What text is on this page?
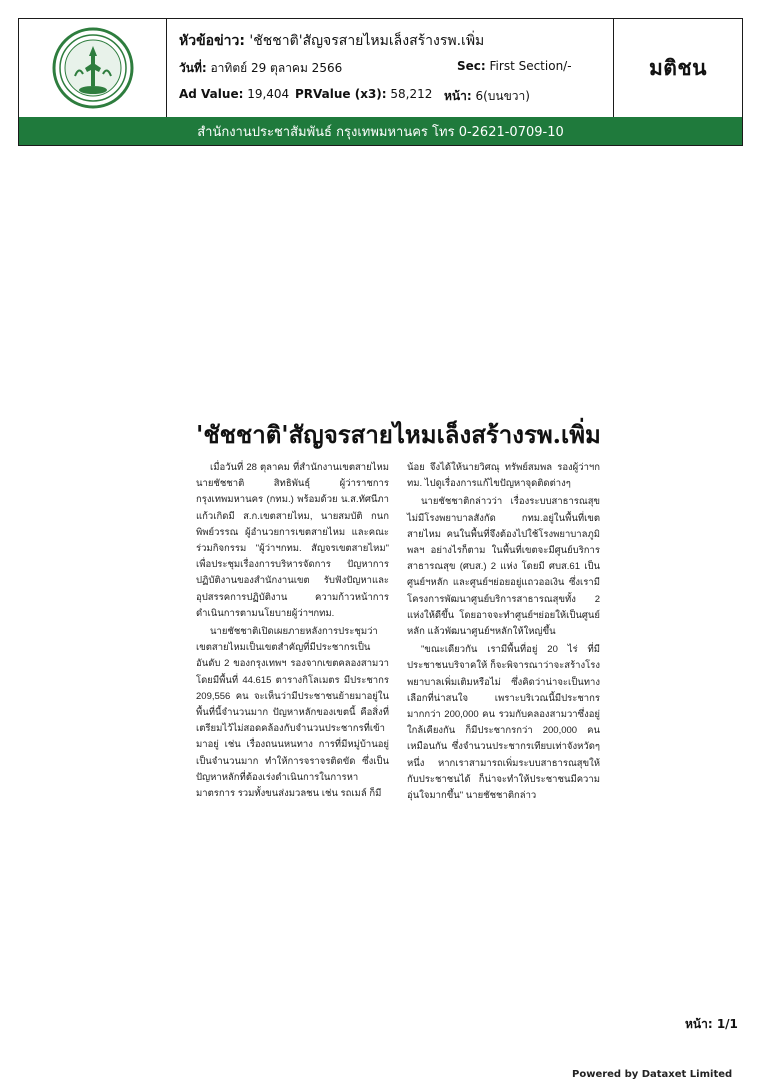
หัวข้อข่าว: 'ชัชชาติ'สัญจรสายไหมเล็งสร้างรพ.เพิ่ม
วันที่: อาทิตย์ 29 ตุลาคม 2566	Sec: First Section/-
Ad Value: 19,404 PRValue (x3): 58,212 หน้า: 6(บนขวา)
มติชน
สำนักงานประชาสัมพันธ์ กรุงเทพมหานคร โทร 0-2621-0709-10
'ชัชชาติ'สัญจรสายไหมเล็งสร้างรพ.เพิ่ม

เมื่อวันที่ 28 ตุลาคม ที่สำนักงานเขตสายไหม นายชัชชาติ สิทธิพันธุ์ ผู้ว่าราชการกรุงเทพมหานคร (กทม.) พร้อมด้วย น.ส.ทัศนีภา แก้วเกิดมี ส.ก.เขตสายไหม, นายสมบัติ กนกพิพย์วรรณ ผู้อำนวยการเขตสายไหม และคณะ ร่วมกิจกรรม "ผู้ว่าฯกทม. สัญจรเขตสายไหม" เพื่อประชุมเรื่องการบริหารจัดการ ปัญหาการปฏิบัติงานของสำนักงานเขต รับฟังปัญหาและอุปสรรคการปฏิบัติงาน ความก้าวหน้าการดำเนินการตามนโยบายผู้ว่าฯกทม.

นายชัชชาติเปิดเผยภายหลังการประชุมว่า เขตสายไหมเป็นเขตสำคัญที่มีประชากรเป็นอันดับ 2 ของกรุงเทพฯ รองจากเขตคลองสามวา โดยมีพื้นที่ 44.615 ตารางกิโลเมตร มีประชากร 209,556 คน จะเห็นว่ามีประชาชนย้ายมาอยู่ในพื้นที่นี้จำนวนมาก ปัญหาหลักของเขตนี้ คือสิ่งที่เตรียมไว้ไม่สอดคล้องกับจำนวนประชากรที่เข้ามาอยู่ เช่น เรื่องถนนหนทาง การที่มีหมู่บ้านอยู่เป็นจำนวนมาก ทำให้การจราจรติดขัด ซึ่งเป็นปัญหาหลักที่ต้องเร่งดำเนินการในการหามาตรการ รวมทั้งขนส่งมวลชน เช่น รถเมล์ ก็มี

น้อย จึงได้ให้นายวิศณุ ทรัพย์สมพล รองผู้ว่าฯกทม. ไปดูเรื่องการแก้ไขปัญหาจุดติดต่างๆ

นายชัชชาติกล่าวว่า เรื่องระบบสาธารณสุขไม่มีโรงพยาบาลสังกัด กทม.อยู่ในพื้นที่เขตสายไหม คนในพื้นที่จึงต้องไปใช้โรงพยาบาลภูมิพลฯ อย่างไรก็ตาม ในพื้นที่เขตจะมีศูนย์บริการสาธารณสุข (ศบส.) 2 แห่ง โดยมี ศบส.61 เป็นศูนย์ฯหลัก และศูนย์ฯย่อยอยู่แถวออเงิน ซึ่งเรามีโครงการพัฒนาศูนย์บริการสาธารณสุขทั้ง 2 แห่งให้ดีขึ้น โดยอาจจะทำศูนย์ฯย่อยให้เป็นศูนย์หลัก แล้วพัฒนาศูนย์ฯหลักให้ใหญ่ขึ้น

"ขณะเดียวกัน เรามีพื้นที่อยู่ 20 ไร่ ที่มีประชาชนบริจาคให้ ก็จะพิจารณาว่าจะสร้างโรงพยาบาลเพิ่มเติมหรือไม่ ซึ่งคิดว่าน่าจะเป็นทางเลือกที่น่าสนใจ เพราะบริเวณนี้มีประชากรมากกว่า 200,000 คน รวมกับคลองสามวาซึ่งอยู่ใกล้เคียงกัน ก็มีประชากรกว่า 200,000 คน เหมือนกัน ซึ่งจำนวนประชากรเทียบเท่าจังหวัดๆ หนึ่ง หากเราสามารถเพิ่มระบบสาธารณสุขให้กับประชาชนได้ ก็น่าจะทำให้ประชาชนมีความอุ่นใจมากขึ้น" นายชัชชาติกล่าว

หน้า: 1/1
Powered by Dataxet Limited
